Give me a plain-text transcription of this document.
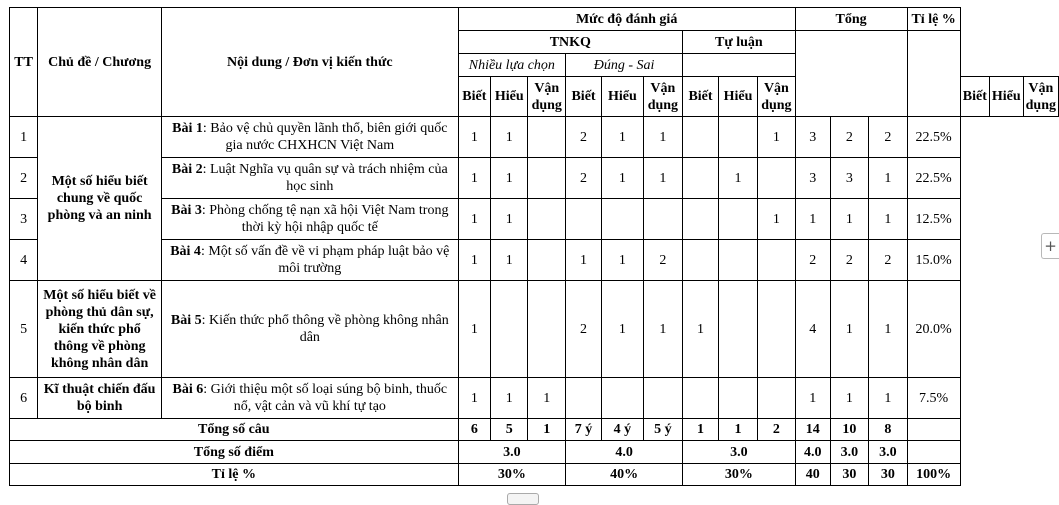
TT	Chủ đề / Chương	Nội dung / Đơn vị kiến thức	Mức độ đánh giá									Tổng			Tỉ lệ %			
			TNKQ						Tự luận									
			Nhiều lựa chọn			Đúng - Sai												
			Biết	Hiểu	Vận dụng	Biết	Hiểu	Vận dụng	Biết	Hiểu	Vận dụng					Biết	Hiểu	Vận dụng
1	Một số hiểu biết chung về quốc phòng và an ninh	Bài 1: Bảo vệ chủ quyền lãnh thổ, biên giới quốc gia nước CHXHCN Việt Nam	1	1		2	1	1			1	3	2	2	22.5%			
2		Bài 2: Luật Nghĩa vụ quân sự và trách nhiệm của học sinh	1	1		2	1	1		1		3	3	1	22.5%			
3		Bài 3: Phòng chống tệ nạn xã hội Việt Nam trong thời kỳ hội nhập quốc tế	1	1							1	1	1	1	12.5%			
4		Bài 4: Một số vấn đề về vi phạm pháp luật bảo vệ môi trường	1	1		1	1	2				2	2	2	15.0%			
5	Một số hiểu biết về phòng thủ dân sự, kiến thức phổ thông về phòng không nhân dân	Bài 5: Kiến thức phổ thông về phòng không nhân dân	1			2	1	1	1			4	1	1	20.0%			
6	Kĩ thuật chiến đấu bộ binh	Bài 6: Giới thiệu một số loại súng bộ binh, thuốc nổ, vật cản và vũ khí tự tạo	1	1	1							1	1	1	7.5%			
Tổng số câu			6	5	1	7 ý	4 ý	5 ý	1	1	2	14	10	8				
Tổng số điểm			3.0			4.0			3.0			4.0	3.0	3.0				
Tỉ lệ %			30%			40%			30%			40	30	30	100%			
+
